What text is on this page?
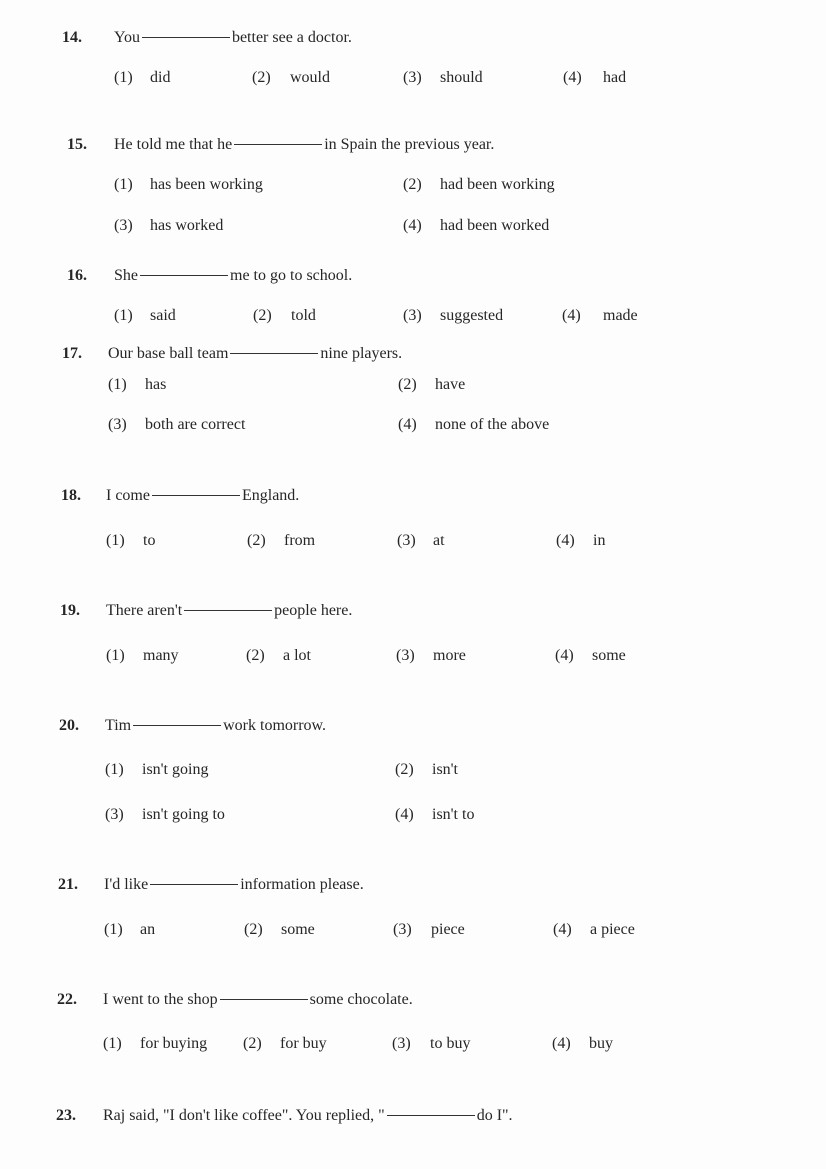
14. You	better see a doctor.
(1) did	(2) would	(3) should	(4) had
15. He told me that he	in Spain the previous year.
(1) has been working	(2) had been working
(3) has worked	(4) had been worked
16. She	me to go to school.
(1) said	(2) told	(3) suggested	(4) made
17. Our base ball team	nine players.
(1) has	(2) have
(3) both are correct	(4) none of the above
18. I come	England.
(1) to	(2) from	(3) at	(4) in
19. There aren't	people here.
(1) many	(2) a lot	(3) more	(4) some
20. Tim	work tomorrow.
(1) isn't going	(2) isn't
(3) isn't going to	(4) isn't to
21. I'd like	information please.
(1) an	(2) some	(3) piece	(4) a piece
22. I went to the shop	some chocolate.
(1) for buying (2) for buy	(3) to buy	(4) buy
23. Raj said, "I don't like coffee". You replied, "	do I".
